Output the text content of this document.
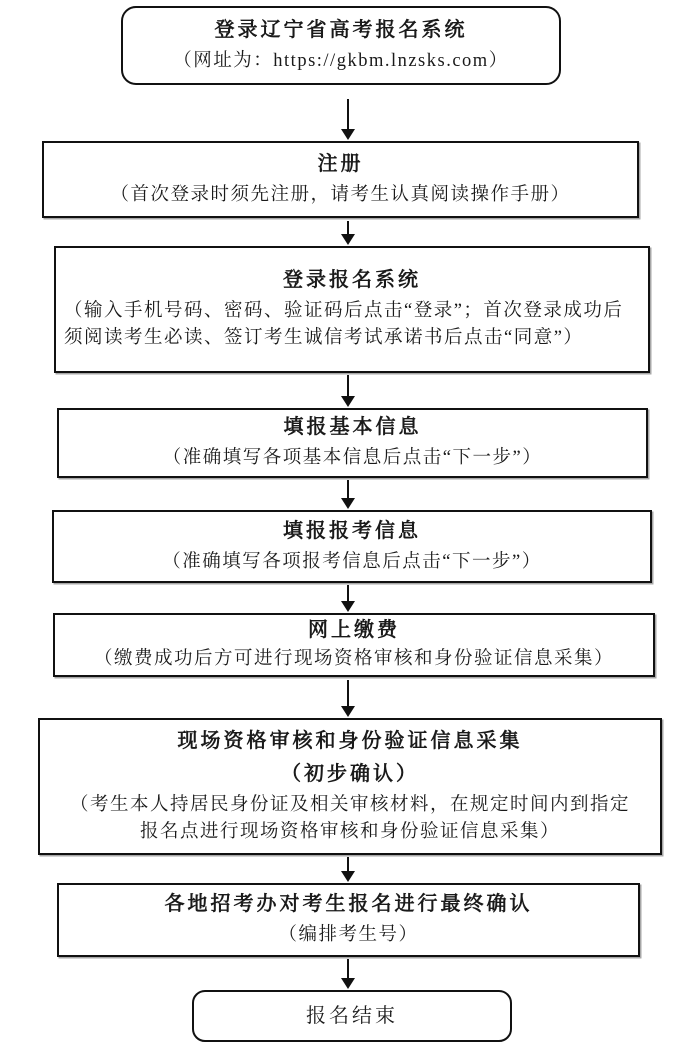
登录辽宁省高考报名系统
（网址为：https://gkbm.lnzsks.com）
注册
（首次登录时须先注册，请考生认真阅读操作手册）
登录报名系统
（输入手机号码、密码、验证码后点击“登录”；首次登录成功后须阅读考生必读、签订考生诚信考试承诺书后点击“同意”）
填报基本信息
（准确填写各项基本信息后点击“下一步”）
填报报考信息
（准确填写各项报考信息后点击“下一步”）
网上缴费
（缴费成功后方可进行现场资格审核和身份验证信息采集）
现场资格审核和身份验证信息采集
（初步确认）
（考生本人持居民身份证及相关审核材料，在规定时间内到指定报名点进行现场资格审核和身份验证信息采集）
各地招考办对考生报名进行最终确认
（编排考生号）
报名结束
